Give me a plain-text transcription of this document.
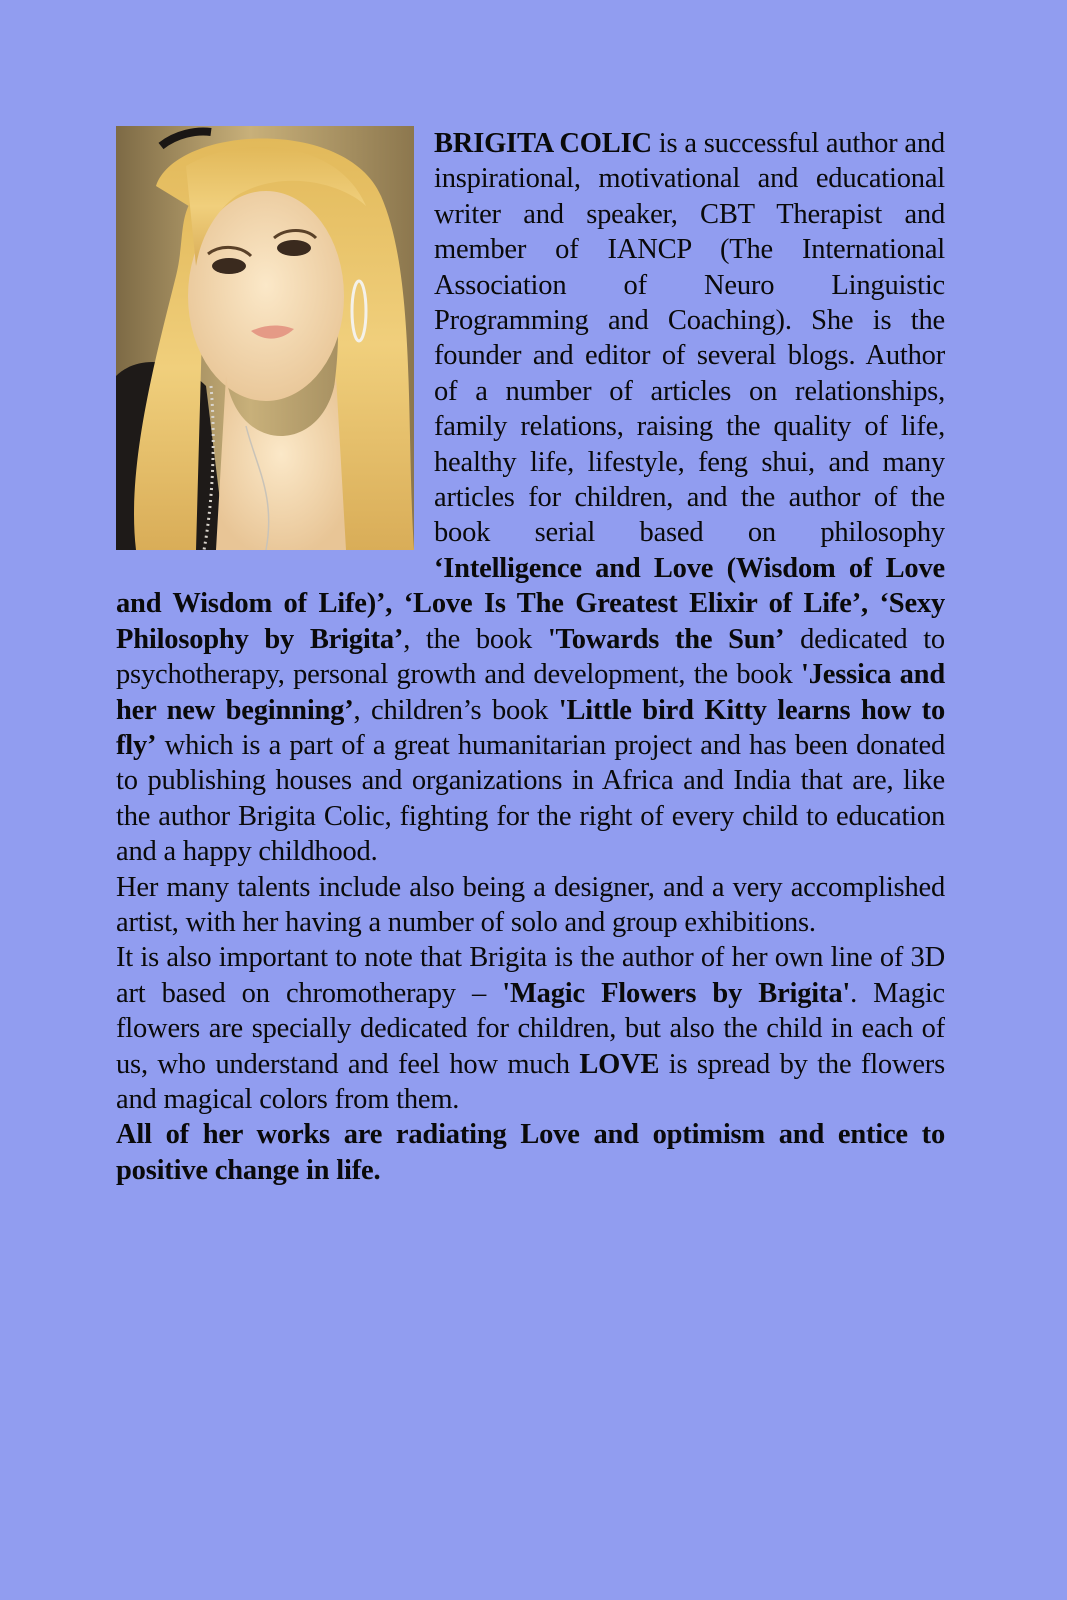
BRIGITA COLIC is a successful author and inspirational, motivational and educational writer and speaker, CBT Therapist and member of IANCP (The International Association of Neuro Linguistic Programming and Coaching). She is the founder and editor of several blogs. Author of a number of articles on relationships, family relations, raising the quality of life, healthy life, lifestyle, feng shui, and many articles for children, and the author of the book serial based on philosophy ‘Intelligence and Love (Wisdom of Love and Wisdom of Life)’, ‘Love Is The Greatest Elixir of Life’, ‘Sexy Philosophy by Brigita’, the book 'Towards the Sun’ dedicated to psychotherapy, personal growth and development, the book 'Jessica and her new beginning’, children’s book 'Little bird Kitty learns how to fly’ which is a part of a great humanitarian project and has been donated to publishing houses and organizations in Africa and India that are, like the author Brigita Colic, fighting for the right of every child to education and a happy childhood.

Her many talents include also being a designer, and a very accomplished artist, with her having a number of solo and group exhibitions.

It is also important to note that Brigita is the author of her own line of 3D art based on chromotherapy – 'Magic Flowers by Brigita'. Magic flowers are specially dedicated for children, but also the child in each of us, who understand and feel how much LOVE is spread by the flowers and magical colors from them.

All of her works are radiating Love and optimism and entice to positive change in life.
